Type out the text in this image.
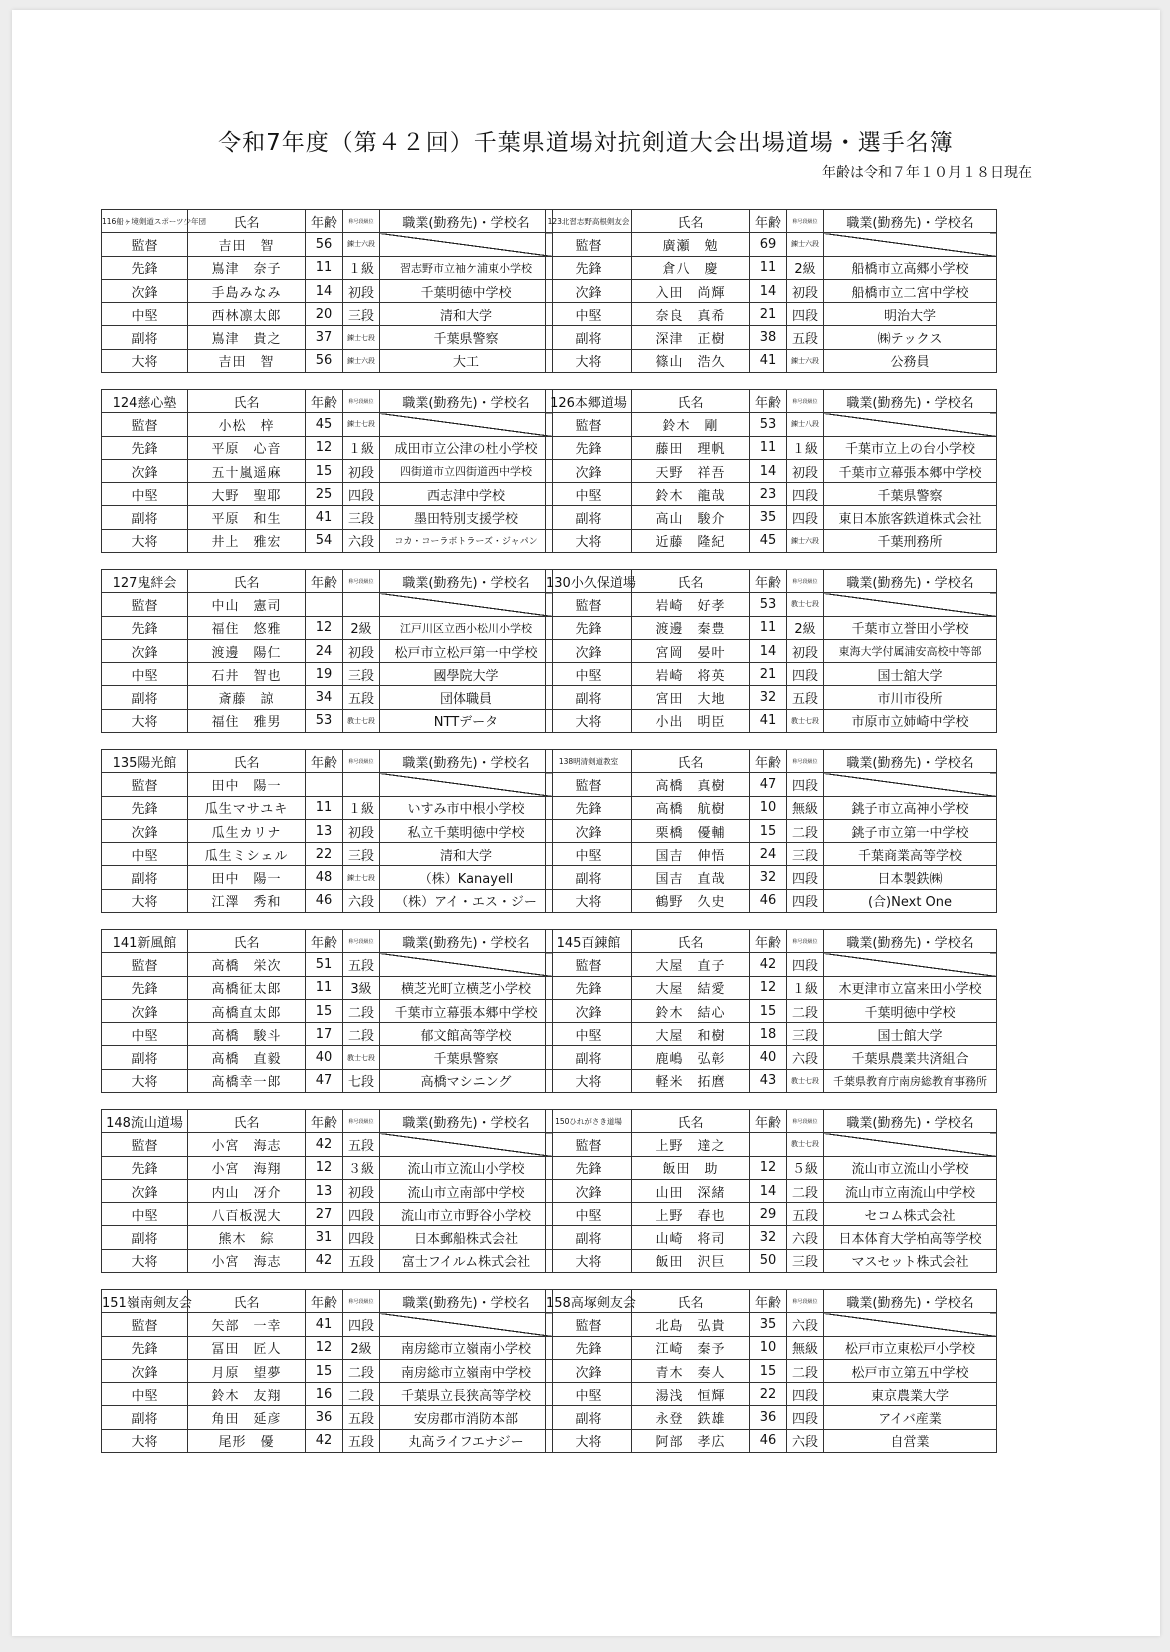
令和7年度（第４２回）千葉県道場対抗剣道大会出場道場・選手名簿
年齢は令和７年１０月１８日現在
116船ヶ境剣道スポーツ少年団	氏名	年齢	称号段級位	職業(勤務先)・学校名
監督	吉田　智	56	錬士六段	
先鋒	嶌津　奈子	11	１級	習志野市立袖ケ浦東小学校
次鋒	手島みなみ	14	初段	千葉明徳中学校
中堅	西林凛太郎	20	三段	清和大学
副将	嶌津　貴之	37	錬士七段	千葉県警察
大将	吉田　智	56	錬士六段	大工
123北習志野高根剣友会	氏名	年齢	称号段級位	職業(勤務先)・学校名
監督	廣瀬　勉	69	錬士六段	
先鋒	倉八　慶	11	2級	船橋市立高郷小学校
次鋒	入田　尚輝	14	初段	船橋市立二宮中学校
中堅	奈良　真希	21	四段	明治大学
副将	深津　正樹	38	五段	㈱テックス
大将	篠山　浩久	41	錬士六段	公務員
124慈心塾	氏名	年齢	称号段級位	職業(勤務先)・学校名
監督	小松　梓	45	錬士七段	
先鋒	平原　心音	12	１級	成田市立公津の杜小学校
次鋒	五十嵐遥麻	15	初段	四街道市立四街道西中学校
中堅	大野　聖耶	25	四段	西志津中学校
副将	平原　和生	41	三段	墨田特別支援学校
大将	井上　雅宏	54	六段	コカ・コーラボトラーズ・ジャパン
126本郷道場	氏名	年齢	称号段級位	職業(勤務先)・学校名
監督	鈴木　剛	53	錬士八段	
先鋒	藤田　理帆	11	１級	千葉市立上の台小学校
次鋒	天野　祥吾	14	初段	千葉市立幕張本郷中学校
中堅	鈴木　龍哉	23	四段	千葉県警察
副将	高山　駿介	35	四段	東日本旅客鉄道株式会社
大将	近藤　隆紀	45	錬士六段	千葉刑務所
127鬼絆会	氏名	年齢	称号段級位	職業(勤務先)・学校名
監督	中山　憲司			
先鋒	福住　悠雅	12	2級	江戸川区立西小松川小学校
次鋒	渡邊　陽仁	24	初段	松戸市立松戸第一中学校
中堅	石井　智也	19	三段	國學院大学
副将	斎藤　諒	34	五段	団体職員
大将	福住　雅男	53	教士七段	NTTデータ
130小久保道場	氏名	年齢	称号段級位	職業(勤務先)・学校名
監督	岩崎　好孝	53	教士七段	
先鋒	渡邊　秦豊	11	2級	千葉市立誉田小学校
次鋒	宮岡　晏叶	14	初段	東海大学付属浦安高校中等部
中堅	岩崎　将英	21	四段	国士舘大学
副将	宮田　大地	32	五段	市川市役所
大将	小出　明臣	41	教士七段	市原市立姉崎中学校
135陽光館	氏名	年齢	称号段級位	職業(勤務先)・学校名
監督	田中　陽一			
先鋒	瓜生マサユキ	11	１級	いすみ市中根小学校
次鋒	瓜生カリナ	13	初段	私立千葉明徳中学校
中堅	瓜生ミシェル	22	三段	清和大学
副将	田中　陽一	48	錬士七段	（株）Kanayell
大将	江澤　秀和	46	六段	（株）アイ・エス・ジー
138明清剣道教室	氏名	年齢	称号段級位	職業(勤務先)・学校名
監督	高橋　真樹	47	四段	
先鋒	高橋　航樹	10	無級	銚子市立高神小学校
次鋒	栗橋　優輔	15	二段	銚子市立第一中学校
中堅	国吉　伸悟	24	三段	千葉商業高等学校
副将	国吉　直哉	32	四段	日本製鉄㈱
大将	鶴野　久史	46	四段	(合)Next One
141新風館	氏名	年齢	称号段級位	職業(勤務先)・学校名
監督	高橋　栄次	51	五段	
先鋒	高橋征太郎	11	3級	横芝光町立横芝小学校
次鋒	高橋直太郎	15	二段	千葉市立幕張本郷中学校
中堅	高橋　駿斗	17	二段	郁文館高等学校
副将	高橋　直毅	40	教士七段	千葉県警察
大将	高橋幸一郎	47	七段	高橋マシニング
145百錬館	氏名	年齢	称号段級位	職業(勤務先)・学校名
監督	大屋　直子	42	四段	
先鋒	大屋　結愛	12	１級	木更津市立富来田小学校
次鋒	鈴木　結心	15	二段	千葉明徳中学校
中堅	大屋　和樹	18	三段	国士館大学
副将	鹿嶋　弘彰	40	六段	千葉県農業共済組合
大将	軽米　拓麿	43	教士七段	千葉県教育庁南房総教育事務所
148流山道場	氏名	年齢	称号段級位	職業(勤務先)・学校名
監督	小宮　海志	42	五段	
先鋒	小宮　海翔	12	３級	流山市立流山小学校
次鋒	内山　冴介	13	初段	流山市立南部中学校
中堅	八百板滉大	27	四段	流山市立市野谷小学校
副将	熊木　綜	31	四段	日本郵船株式会社
大将	小宮　海志	42	五段	富士フイルム株式会社
150ひれがさき道場	氏名	年齢	称号段級位	職業(勤務先)・学校名
監督	上野　達之		教士七段	
先鋒	飯田　助	12	５級	流山市立流山小学校
次鋒	山田　深緒	14	二段	流山市立南流山中学校
中堅	上野　春也	29	五段	セコム株式会社
副将	山崎　将司	32	六段	日本体育大学柏高等学校
大将	飯田　沢巨	50	三段	マスセット株式会社
151嶺南剣友会	氏名	年齢	称号段級位	職業(勤務先)・学校名
監督	矢部　一幸	41	四段	
先鋒	冨田　匠人	12	2級	南房総市立嶺南小学校
次鋒	月原　望夢	15	二段	南房総市立嶺南中学校
中堅	鈴木　友翔	16	二段	千葉県立長狭高等学校
副将	角田　延彦	36	五段	安房郡市消防本部
大将	尾形　優	42	五段	丸高ライフエナジー
158高塚剣友会	氏名	年齢	称号段級位	職業(勤務先)・学校名
監督	北島　弘貴	35	六段	
先鋒	江崎　秦予	10	無級	松戸市立東松戸小学校
次鋒	青木　奏人	15	二段	松戸市立第五中学校
中堅	湯浅　恒輝	22	四段	東京農業大学
副将	永登　鉄雄	36	四段	アイバ産業
大将	阿部　孝広	46	六段	自営業
